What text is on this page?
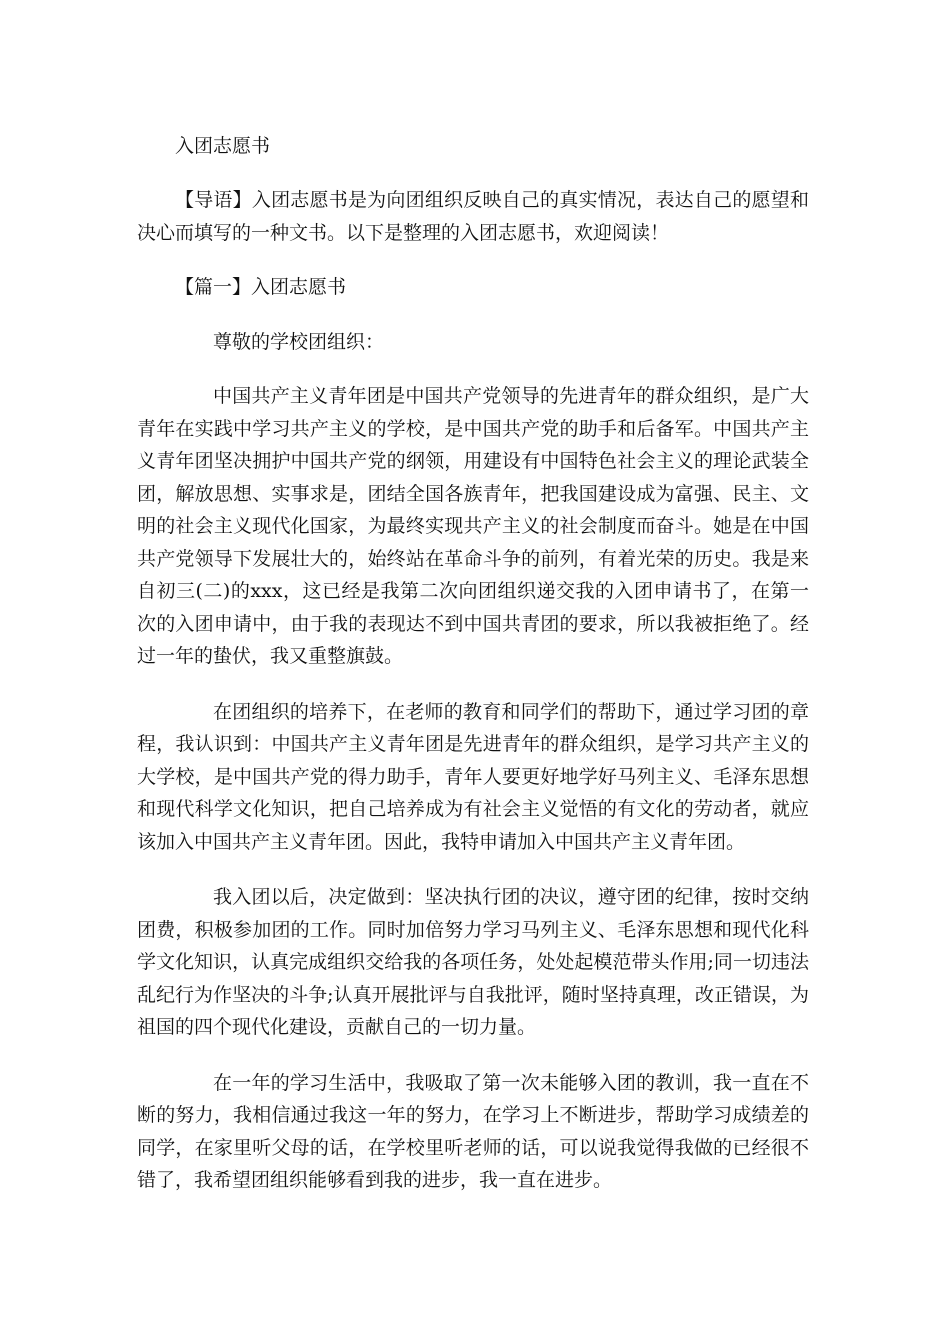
入团志愿书

【导语】入团志愿书是为向团组织反映自己的真实情况，表达自己的愿望和决心而填写的一种文书。以下是整理的入团志愿书，欢迎阅读！

【篇一】入团志愿书

尊敬的学校团组织：

中国共产主义青年团是中国共产党领导的先进青年的群众组织，是广大青年在实践中学习共产主义的学校，是中国共产党的助手和后备军。中国共产主义青年团坚决拥护中国共产党的纲领，用建设有中国特色社会主义的理论武装全团，解放思想、实事求是，团结全国各族青年，把我国建设成为富强、民主、文明的社会主义现代化国家，为最终实现共产主义的社会制度而奋斗。她是在中国共产党领导下发展壮大的，始终站在革命斗争的前列，有着光荣的历史。我是来自初三(二)的xxx，这已经是我第二次向团组织递交我的入团申请书了，在第一次的入团申请中，由于我的表现达不到中国共青团的要求，所以我被拒绝了。经过一年的蛰伏，我又重整旗鼓。

在团组织的培养下，在老师的教育和同学们的帮助下，通过学习团的章程，我认识到：中国共产主义青年团是先进青年的群众组织，是学习共产主义的大学校，是中国共产党的得力助手，青年人要更好地学好马列主义、毛泽东思想和现代科学文化知识，把自己培养成为有社会主义觉悟的有文化的劳动者，就应该加入中国共产主义青年团。因此，我特申请加入中国共产主义青年团。

我入团以后，决定做到：坚决执行团的决议，遵守团的纪律，按时交纳团费，积极参加团的工作。同时加倍努力学习马列主义、毛泽东思想和现代化科学文化知识，认真完成组织交给我的各项任务，处处起模范带头作用;同一切违法乱纪行为作坚决的斗争;认真开展批评与自我批评，随时坚持真理，改正错误，为祖国的四个现代化建设，贡献自己的一切力量。

在一年的学习生活中，我吸取了第一次未能够入团的教训，我一直在不断的努力，我相信通过我这一年的努力，在学习上不断进步，帮助学习成绩差的同学，在家里听父母的话，在学校里听老师的话，可以说我觉得我做的已经很不错了，我希望团组织能够看到我的进步，我一直在进步。
